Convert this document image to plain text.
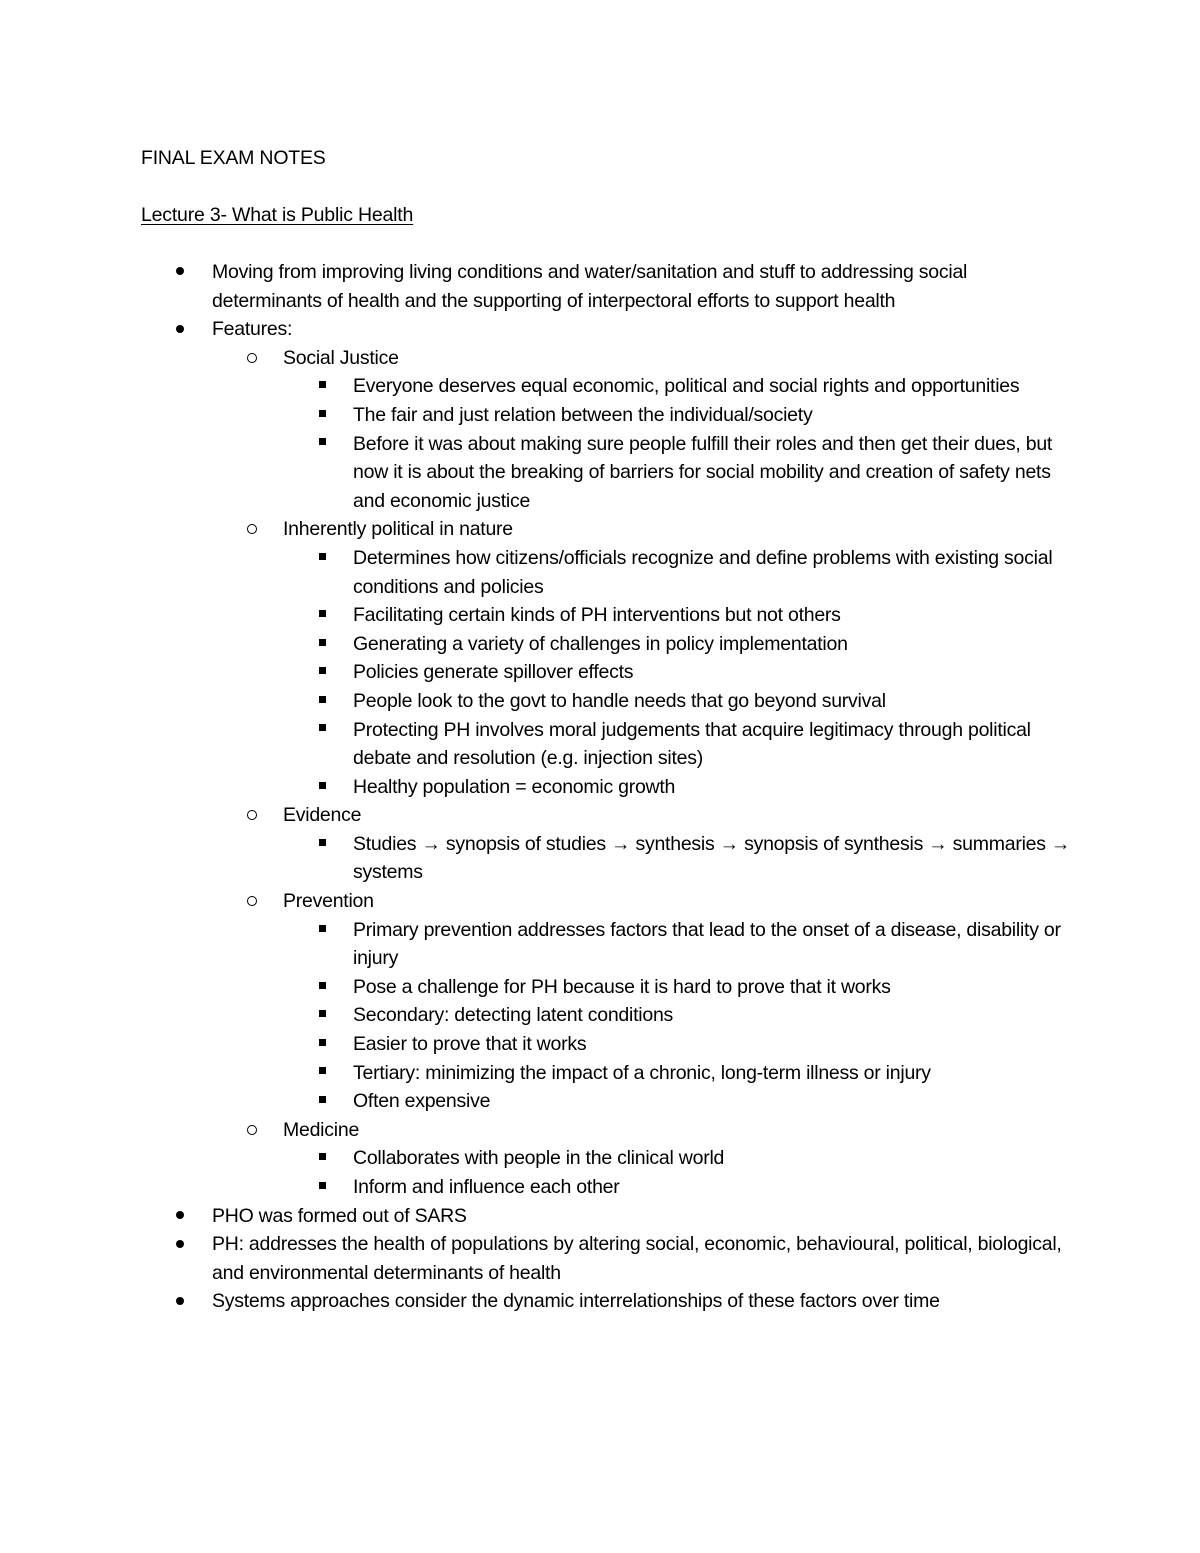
FINAL EXAM NOTES
Lecture 3- What is Public Health
Moving from improving living conditions and water/sanitation and stuff to addressing social determinants of health and the supporting of interpectoral efforts to support health
Features:
Social Justice
Everyone deserves equal economic, political and social rights and opportunities
The fair and just relation between the individual/society
Before it was about making sure people fulfill their roles and then get their dues, but now it is about the breaking of barriers for social mobility and creation of safety nets and economic justice
Inherently political in nature
Determines how citizens/officials recognize and define problems with existing social conditions and policies
Facilitating certain kinds of PH interventions but not others
Generating a variety of challenges in policy implementation
Policies generate spillover effects
People look to the govt to handle needs that go beyond survival
Protecting PH involves moral judgements that acquire legitimacy through political debate and resolution (e.g. injection sites)
Healthy population = economic growth
Evidence
Studies → synopsis of studies → synthesis → synopsis of synthesis → summaries → systems
Prevention
Primary prevention addresses factors that lead to the onset of a disease, disability or injury
Pose a challenge for PH because it is hard to prove that it works
Secondary: detecting latent conditions
Easier to prove that it works
Tertiary: minimizing the impact of a chronic, long-term illness or injury
Often expensive
Medicine
Collaborates with people in the clinical world
Inform and influence each other
PHO was formed out of SARS
PH: addresses the health of populations by altering social, economic, behavioural, political, biological, and environmental determinants of health
Systems approaches consider the dynamic interrelationships of these factors over time
